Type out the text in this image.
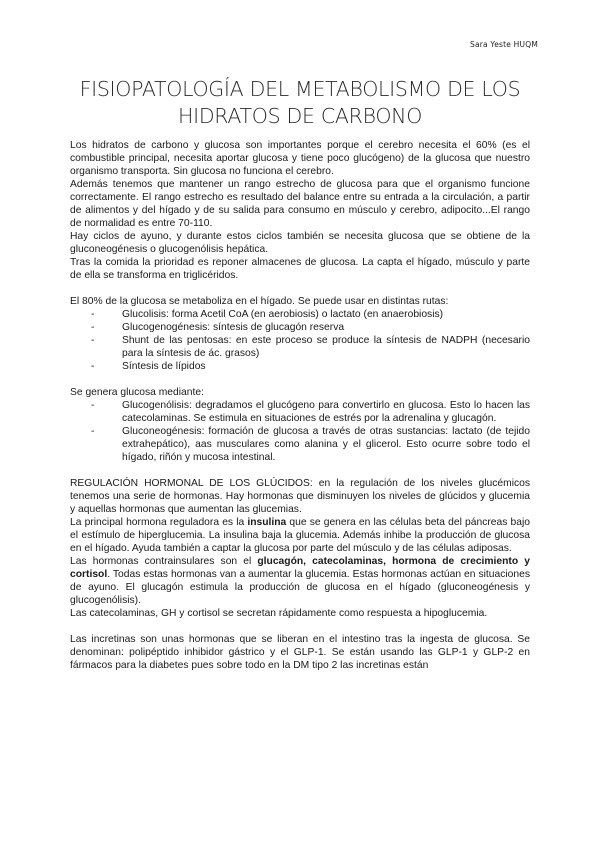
Sara Yeste HUQM
FISIOPATOLOGÍA DEL METABOLISMO DE LOS HIDRATOS DE CARBONO

Los hidratos de carbono y glucosa son importantes porque el cerebro necesita el 60% (es el combustible principal, necesita aportar glucosa y tiene poco glucógeno) de la glucosa que nuestro organismo transporta. Sin glucosa no funciona el cerebro.

Además tenemos que mantener un rango estrecho de glucosa para que el organismo funcione correctamente. El rango estrecho es resultado del balance entre su entrada a la circulación, a partir de alimentos y del hígado y de su salida para consumo en músculo y cerebro, adipocito...El rango de normalidad es entre 70-110.

Hay ciclos de ayuno, y durante estos ciclos también se necesita glucosa que se obtiene de la gluconeogénesis o glucogenólisis hepática.

Tras la comida la prioridad es reponer almacenes de glucosa. La capta el hígado, músculo y parte de ella se transforma en triglicéridos.

El 80% de la glucosa se metaboliza en el hígado. Se puede usar en distintas rutas:

- Glucolisis: forma Acetil CoA (en aerobiosis) o lactato (en anaerobiosis)
- Glucogenogénesis: síntesis de glucagón reserva
- Shunt de las pentosas: en este proceso se produce la síntesis de NADPH (necesario para la síntesis de ác. grasos)
- Síntesis de lípidos

Se genera glucosa mediante:

- Glucogenólisis: degradamos el glucógeno para convertirlo en glucosa. Esto lo hacen las catecolaminas. Se estimula en situaciones de estrés por la adrenalina y glucagón.
- Gluconeogénesis: formación de glucosa a través de otras sustancias: lactato (de tejido extrahepático), aas musculares como alanina y el glicerol. Esto ocurre sobre todo el hígado, riñón y mucosa intestinal.

REGULACIÓN HORMONAL DE LOS GLÚCIDOS: en la regulación de los niveles glucémicos tenemos una serie de hormonas. Hay hormonas que disminuyen los niveles de glúcidos y glucemia y aquellas hormonas que aumentan las glucemias.

La principal hormona reguladora es la insulina que se genera en las células beta del páncreas bajo el estímulo de hiperglucemia. La insulina baja la glucemia. Además inhibe la producción de glucosa en el hígado. Ayuda también a captar la glucosa por parte del músculo y de las células adiposas.

Las hormonas contrainsulares son el glucagón, catecolaminas, hormona de crecimiento y cortisol. Todas estas hormonas van a aumentar la glucemia. Estas hormonas actúan en situaciones de ayuno. El glucagón estimula la producción de glucosa en el hígado (gluconeogénesis y glucogenólisis).

Las catecolaminas, GH y cortisol se secretan rápidamente como respuesta a hipoglucemia.

Las incretinas son unas hormonas que se liberan en el intestino tras la ingesta de glucosa. Se denominan: polipéptido inhibidor gástrico y el GLP-1. Se están usando las GLP-1 y GLP-2 en fármacos para la diabetes pues sobre todo en la DM tipo 2 las incretinas están
